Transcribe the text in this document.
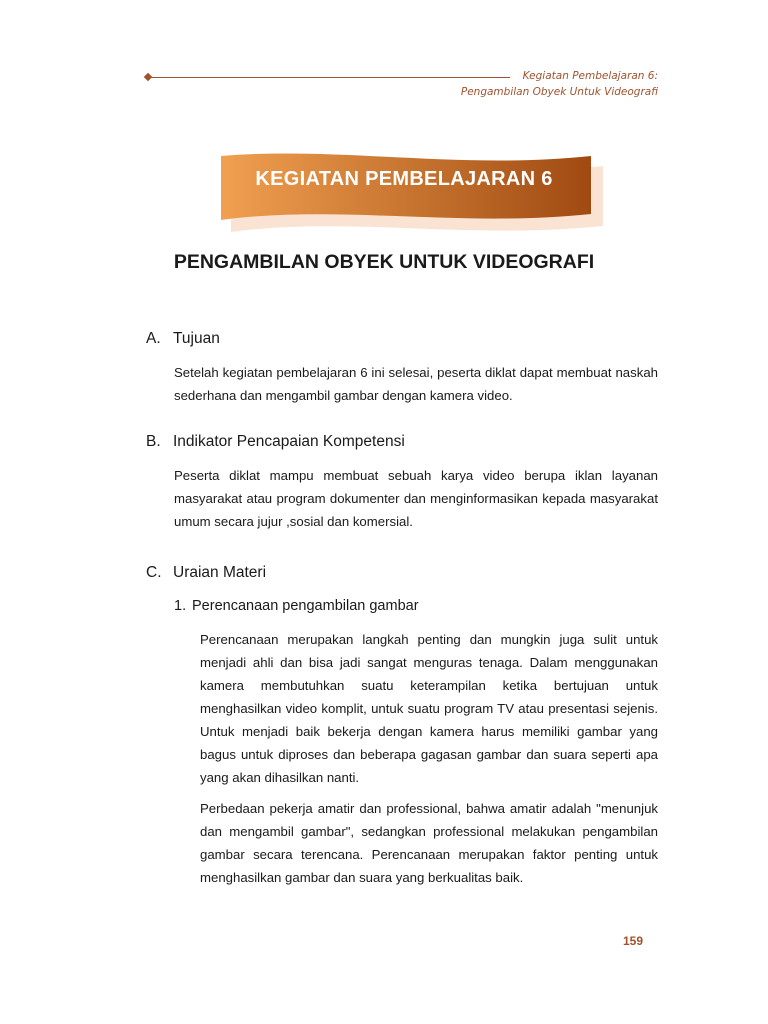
Kegiatan Pembelajaran 6:
Pengambilan Obyek Untuk Videografi
KEGIATAN PEMBELAJARAN 6
PENGAMBILAN OBYEK UNTUK VIDEOGRAFI
A. Tujuan
Setelah kegiatan pembelajaran 6 ini selesai, peserta diklat dapat membuat naskah sederhana dan mengambil gambar dengan kamera video.
B. Indikator Pencapaian Kompetensi
Peserta diklat mampu membuat sebuah karya video berupa iklan layanan masyarakat atau program dokumenter dan menginformasikan kepada masyarakat umum secara jujur ,sosial dan komersial.
C. Uraian Materi
1. Perencanaan pengambilan gambar
Perencanaan merupakan langkah penting dan mungkin juga sulit untuk menjadi ahli dan bisa jadi sangat menguras tenaga. Dalam menggunakan kamera membutuhkan suatu keterampilan ketika bertujuan untuk menghasilkan video komplit, untuk suatu program TV atau presentasi sejenis. Untuk menjadi baik bekerja dengan kamera harus memiliki gambar yang bagus untuk diproses dan beberapa gagasan gambar dan suara seperti apa yang akan dihasilkan nanti.
Perbedaan pekerja amatir dan professional, bahwa amatir adalah "menunjuk dan mengambil gambar", sedangkan professional melakukan pengambilan gambar secara terencana. Perencanaan merupakan faktor penting untuk menghasilkan gambar dan suara yang berkualitas baik.
159
